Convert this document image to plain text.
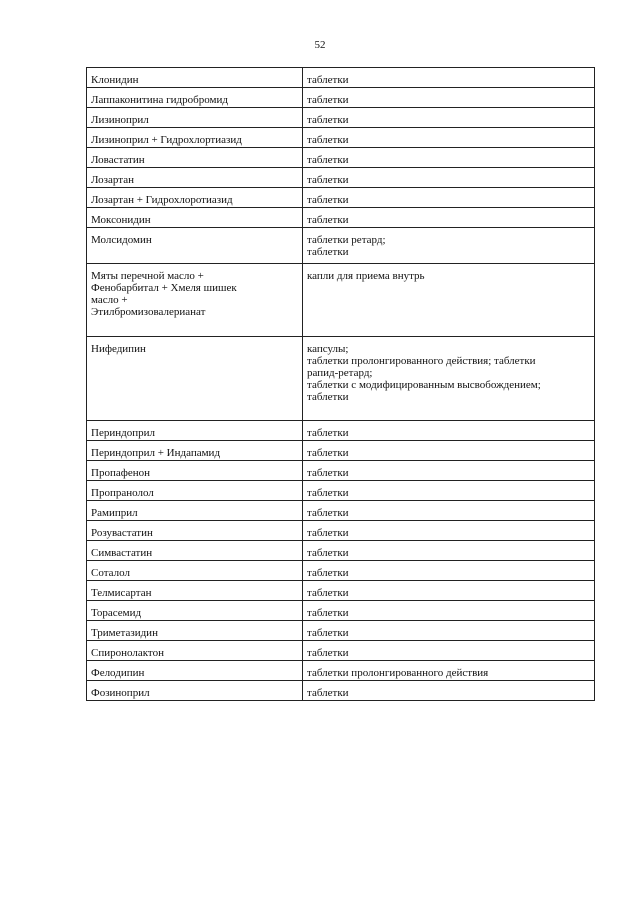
52
Клонидин	таблетки

Лаппаконитина гидробромид	таблетки

Лизиноприл	таблетки

Лизиноприл + Гидрохлортиазид	таблетки

Ловастатин	таблетки

Лозартан	таблетки

Лозартан + Гидрохлоротиазид	таблетки

Моксонидин	таблетки

Молсидомин	таблетки ретард;
таблетки

Мяты перечной масло +
Фенобарбитал + Хмеля шишек
масло +
Этилбромизовалерианат	капли для приема внутрь

Нифедипин	капсулы;
таблетки пролонгированного действия; таблетки
рапид-ретард;
таблетки с модифицированным высвобождением;
таблетки

Периндоприл	таблетки

Периндоприл + Индапамид	таблетки

Пропафенон	таблетки

Пропранолол	таблетки

Рамиприл	таблетки

Розувастатин	таблетки

Симвастатин	таблетки

Соталол	таблетки

Телмисартан	таблетки

Торасемид	таблетки

Триметазидин	таблетки

Спиронолактон	таблетки

Фелодипин	таблетки пролонгированного действия

Фозиноприл	таблетки
